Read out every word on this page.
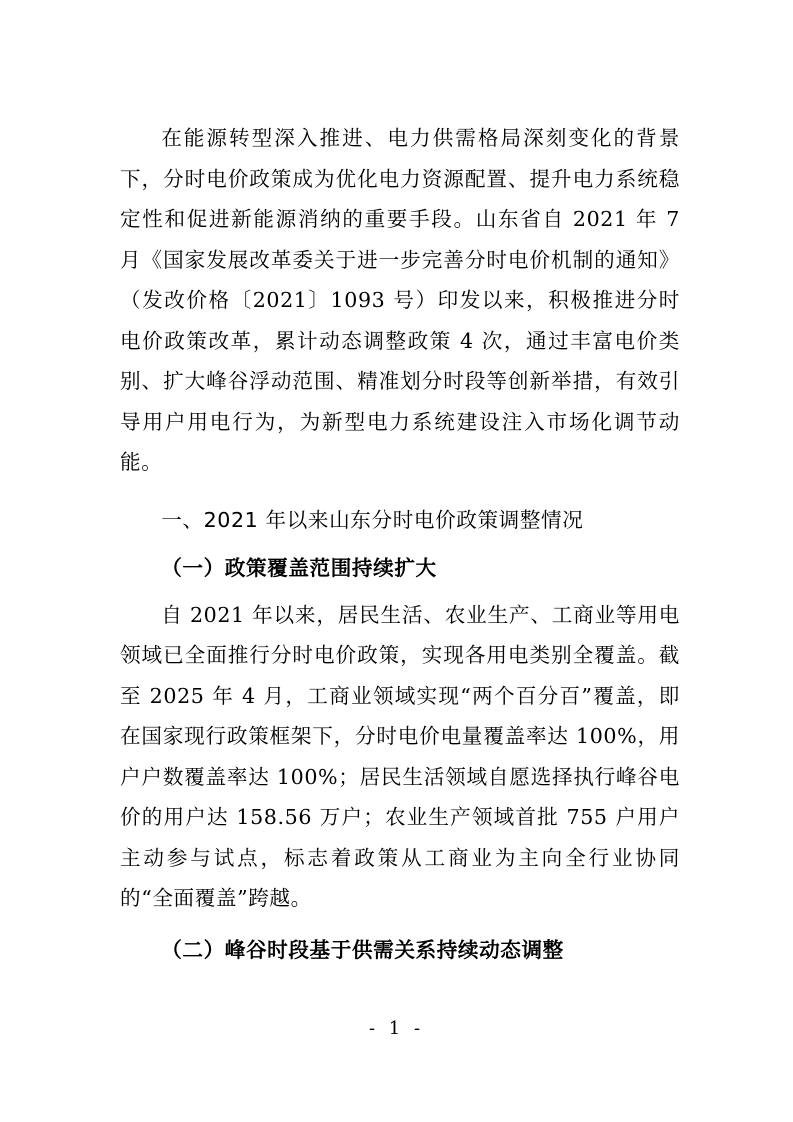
在能源转型深入推进、电力供需格局深刻变化的背景下，分时电价政策成为优化电力资源配置、提升电力系统稳定性和促进新能源消纳的重要手段。山东省自 2021 年 7 月《国家发展改革委关于进一步完善分时电价机制的通知》（发改价格〔2021〕1093 号）印发以来，积极推进分时电价政策改革，累计动态调整政策 4 次，通过丰富电价类别、扩大峰谷浮动范围、精准划分时段等创新举措，有效引导用户用电行为，为新型电力系统建设注入市场化调节动能。

一、2021 年以来山东分时电价政策调整情况

（一）政策覆盖范围持续扩大

自 2021 年以来，居民生活、农业生产、工商业等用电领域已全面推行分时电价政策，实现各用电类别全覆盖。截至 2025 年 4 月，工商业领域实现“两个百分百”覆盖，即在国家现行政策框架下，分时电价电量覆盖率达 100%，用户户数覆盖率达 100%；居民生活领域自愿选择执行峰谷电价的用户达 158.56 万户；农业生产领域首批 755 户用户主动参与试点，标志着政策从工商业为主向全行业协同的“全面覆盖”跨越。

（二）峰谷时段基于供需关系持续动态调整

- 1 -
